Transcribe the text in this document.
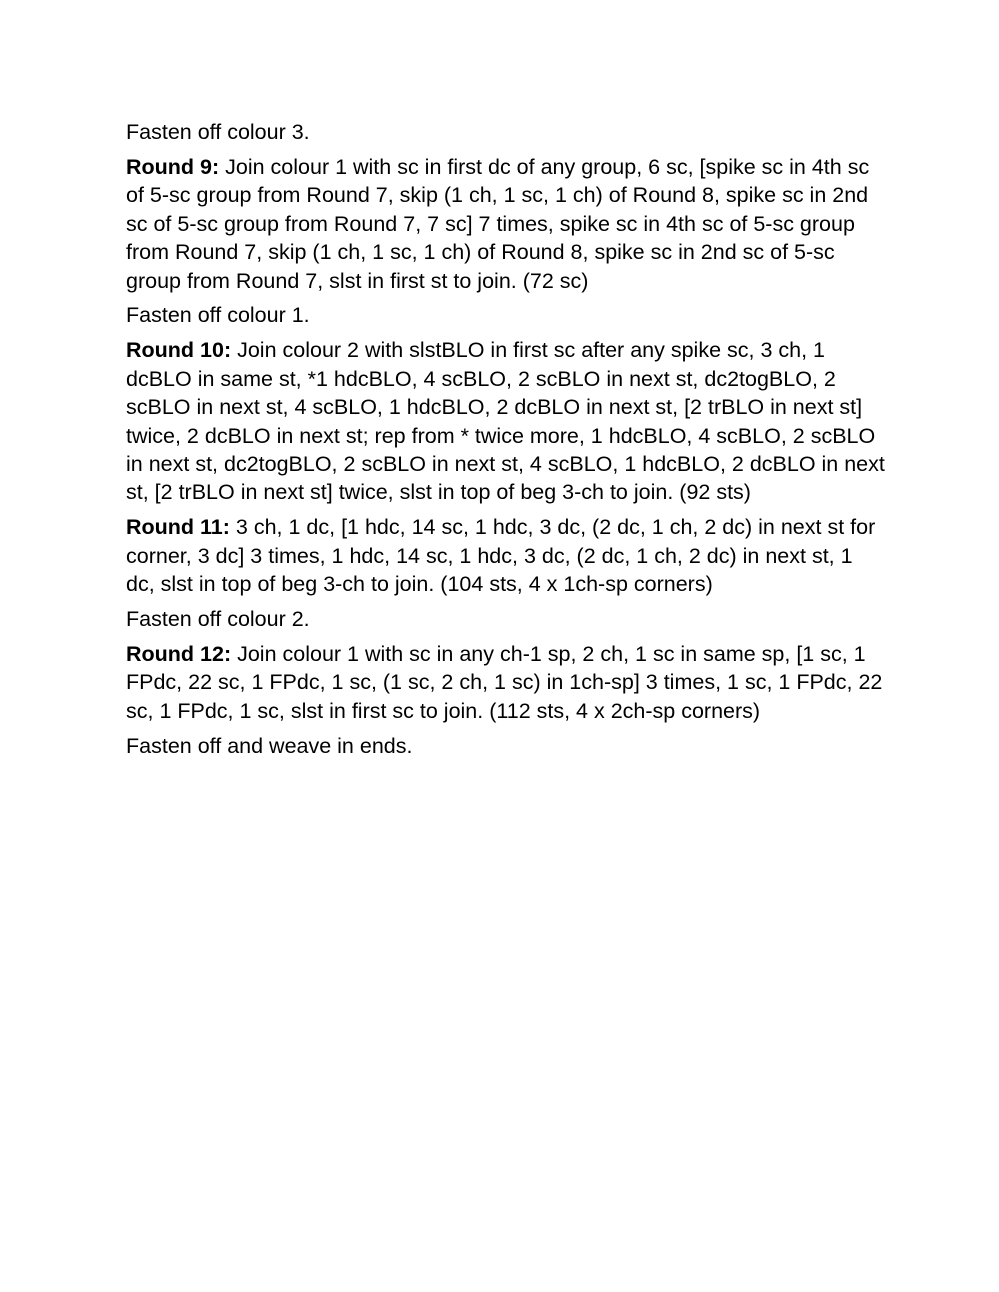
Fasten off colour 3.

Round 9: Join colour 1 with sc in first dc of any group, 6 sc, [spike sc in 4th sc of 5-sc group from Round 7, skip (1 ch, 1 sc, 1 ch) of Round 8, spike sc in 2nd sc of 5-sc group from Round 7, 7 sc] 7 times, spike sc in 4th sc of 5-sc group from Round 7, skip (1 ch, 1 sc, 1 ch) of Round 8, spike sc in 2nd sc of 5-sc group from Round 7, slst in first st to join. (72 sc)

Fasten off colour 1.

Round 10: Join colour 2 with slstBLO in first sc after any spike sc, 3 ch, 1 dcBLO in same st, *1 hdcBLO, 4 scBLO, 2 scBLO in next st, dc2togBLO, 2 scBLO in next st, 4 scBLO, 1 hdcBLO, 2 dcBLO in next st, [2 trBLO in next st] twice, 2 dcBLO in next st; rep from * twice more, 1 hdcBLO, 4 scBLO, 2 scBLO in next st, dc2togBLO, 2 scBLO in next st, 4 scBLO, 1 hdcBLO, 2 dcBLO in next st, [2 trBLO in next st] twice, slst in top of beg 3-ch to join. (92 sts)

Round 11: 3 ch, 1 dc, [1 hdc, 14 sc, 1 hdc, 3 dc, (2 dc, 1 ch, 2 dc) in next st for corner, 3 dc] 3 times, 1 hdc, 14 sc, 1 hdc, 3 dc, (2 dc, 1 ch, 2 dc) in next st, 1 dc, slst in top of beg 3-ch to join. (104 sts, 4 x 1ch-sp corners)

Fasten off colour 2.

Round 12: Join colour 1 with sc in any ch-1 sp, 2 ch, 1 sc in same sp, [1 sc, 1 FPdc, 22 sc, 1 FPdc, 1 sc, (1 sc, 2 ch, 1 sc) in 1ch-sp] 3 times, 1 sc, 1 FPdc, 22 sc, 1 FPdc, 1 sc, slst in first sc to join. (112 sts, 4 x 2ch-sp corners)

Fasten off and weave in ends.
